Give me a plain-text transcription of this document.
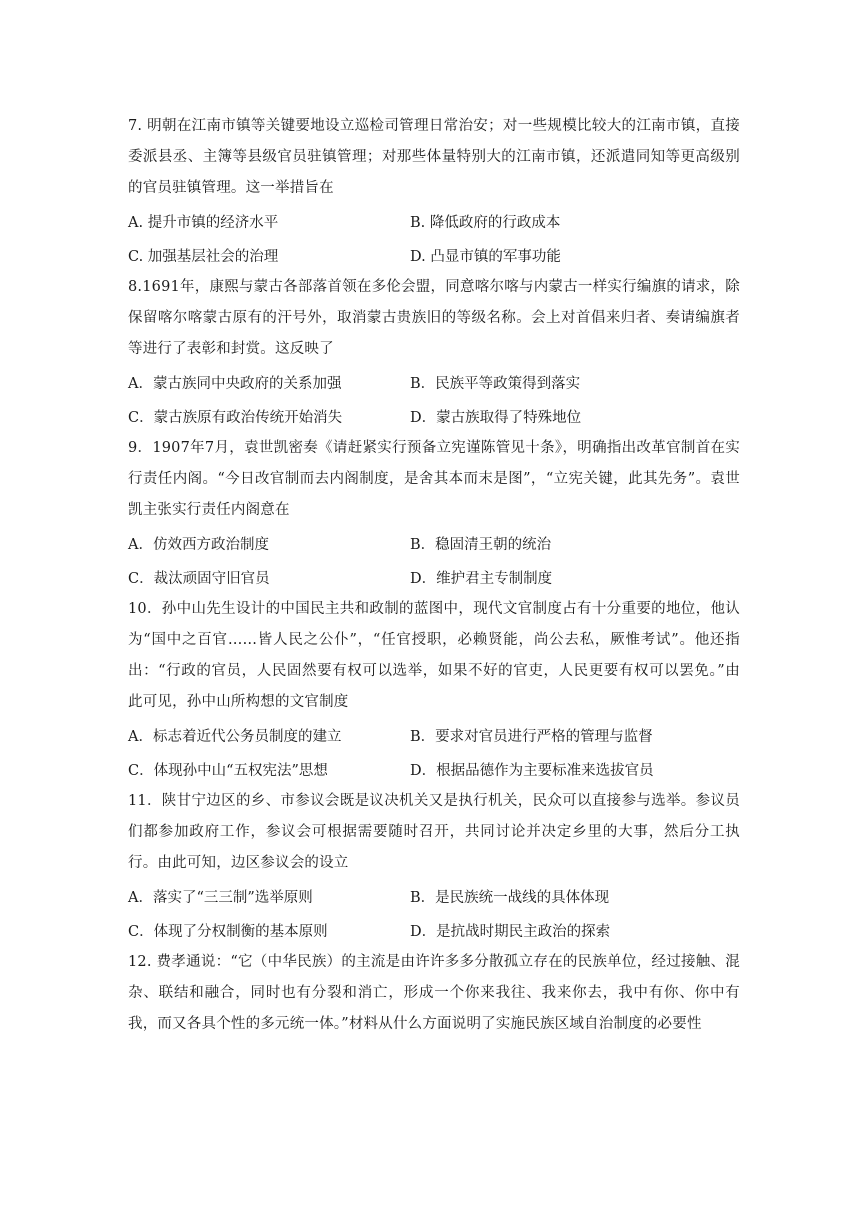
7. 明朝在江南市镇等关键要地设立巡检司管理日常治安；对一些规模比较大的江南市镇，直接委派县丞、主簿等县级官员驻镇管理；对那些体量特别大的江南市镇，还派遣同知等更高级别的官员驻镇管理。这一举措旨在

A. 提升市镇的经济水平	B. 降低政府的行政成本
C. 加强基层社会的治理	D. 凸显市镇的军事功能

8.1691年，康熙与蒙古各部落首领在多伦会盟，同意喀尔喀与内蒙古一样实行编旗的请求，除保留喀尔喀蒙古原有的汗号外，取消蒙古贵族旧的等级名称。会上对首倡来归者、奏请编旗者等进行了表彰和封赏。这反映了

A．蒙古族同中央政府的关系加强	B．民族平等政策得到落实
C．蒙古族原有政治传统开始消失	D．蒙古族取得了特殊地位

9．1907年7月，袁世凯密奏《请赶紧实行预备立宪谨陈管见十条》，明确指出改革官制首在实行责任内阁。“今日改官制而去内阁制度，是舍其本而末是图”，“立宪关键，此其先务”。袁世凯主张实行责任内阁意在

A．仿效西方政治制度	B．稳固清王朝的统治
C．裁汰顽固守旧官员	D．维护君主专制制度

10．孙中山先生设计的中国民主共和政制的蓝图中，现代文官制度占有十分重要的地位，他认 为“国中之百官……皆人民之公仆”，“任官授职，必赖贤能，尚公去私，厥惟考试”。他还指出：“行政的官员，人民固然要有权可以选举，如果不好的官吏，人民更要有权可以罢免。”由 此可见，孙中山所构想的文官制度

A．标志着近代公务员制度的建立	B．要求对官员进行严格的管理与监督
C．体现孙中山“五权宪法”思想	D．根据品德作为主要标准来选拔官员

11．陕甘宁边区的乡、市参议会既是议决机关又是执行机关，民众可以直接参与选举。参议员们都参加政府工作，参议会可根据需要随时召开，共同讨论并决定乡里的大事，然后分工执行。由此可知，边区参议会的设立

A．落实了“三三制”选举原则	B．是民族统一战线的具体体现
C．体现了分权制衡的基本原则	D．是抗战时期民主政治的探索

12. 费孝通说：“它（中华民族）的主流是由许许多多分散孤立存在的民族单位，经过接触、混杂、联结和融合，同时也有分裂和消亡，形成一个你来我往、我来你去，我中有你、你中有我，而又各具个性的多元统一体。”材料从什么方面说明了实施民族区域自治制度的必要性
